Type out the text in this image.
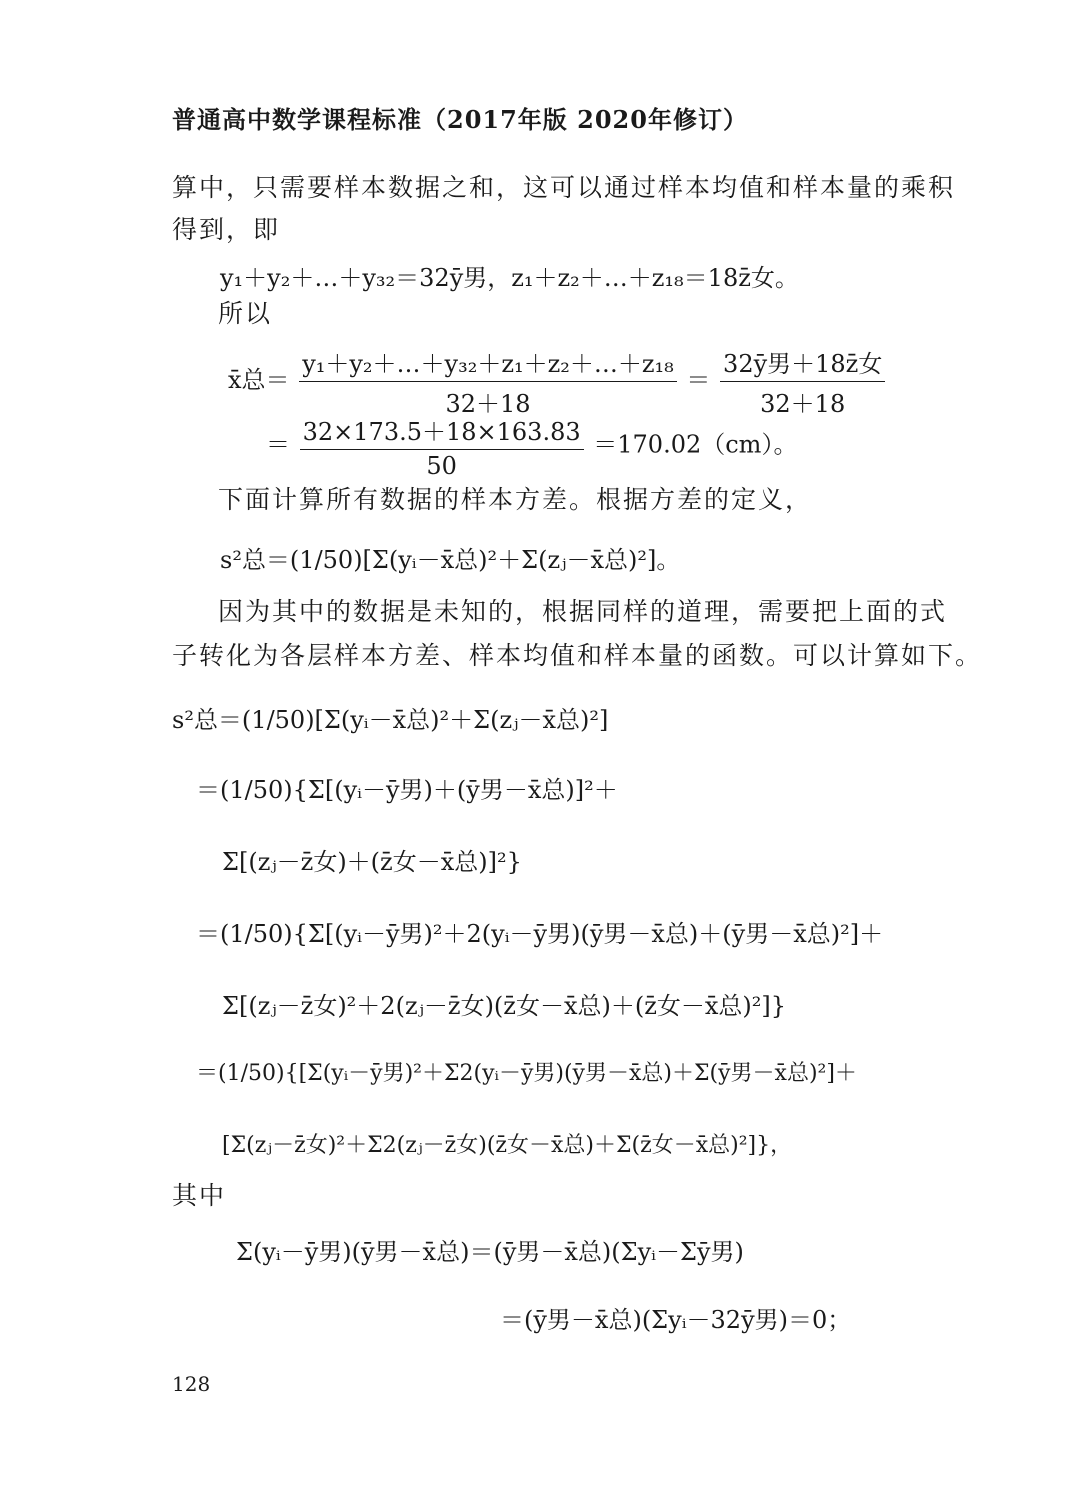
普通高中数学课程标准（2017年版 2020年修订）
算中，只需要样本数据之和，这可以通过样本均值和样本量的乘积
得到，即
y₁＋y₂＋…＋y₃₂＝32ȳ男，z₁＋z₂＋…＋z₁₈＝18z̄女。
所以
x̄总＝ $\frac{\text{y₁＋y₂＋…＋y₃₂＋z₁＋z₂＋…＋z₁₈}}{32+18} = \frac{\text{32ȳ男＋18z̄女}}{32+18}$
＝ $\frac{32\times 173.5+18\times 163.83}{50} =170.02(cm)$。
下面计算所有数据的样本方差。根据方差的定义，
s²总＝(1/50)[Σ(yᵢ－x̄总)²＋Σ(zⱼ－x̄总)²]。
因为其中的数据是未知的，根据同样的道理，需要把上面的式
子转化为各层样本方差、样本均值和样本量的函数。可以计算如下。
s²总＝(1/50)[Σ(yᵢ－x̄总)²＋Σ(zⱼ－x̄总)²]
＝(1/50){Σ[(yᵢ－ȳ男)＋(ȳ男－x̄总)]²＋
Σ[(zⱼ－z̄女)＋(z̄女－x̄总)]²}
＝(1/50){Σ[(yᵢ－ȳ男)²＋2(yᵢ－ȳ男)(ȳ男－x̄总)＋(ȳ男－x̄总)²]＋
Σ[(zⱼ－z̄女)²＋2(zⱼ－z̄女)(z̄女－x̄总)＋(z̄女－x̄总)²]}
＝(1/50){[Σ(yᵢ－ȳ男)²＋Σ2(yᵢ－ȳ男)(ȳ男－x̄总)＋Σ(ȳ男－x̄总)²]＋
[Σ(zⱼ－z̄女)²＋Σ2(zⱼ－z̄女)(z̄女－x̄总)＋Σ(z̄女－x̄总)²]}，
其中
Σ(yᵢ－ȳ男)(ȳ男－x̄总)＝(ȳ男－x̄总)(Σyᵢ－Σȳ男)
＝(ȳ男－x̄总)(Σyᵢ－32ȳ男)＝0；
128
